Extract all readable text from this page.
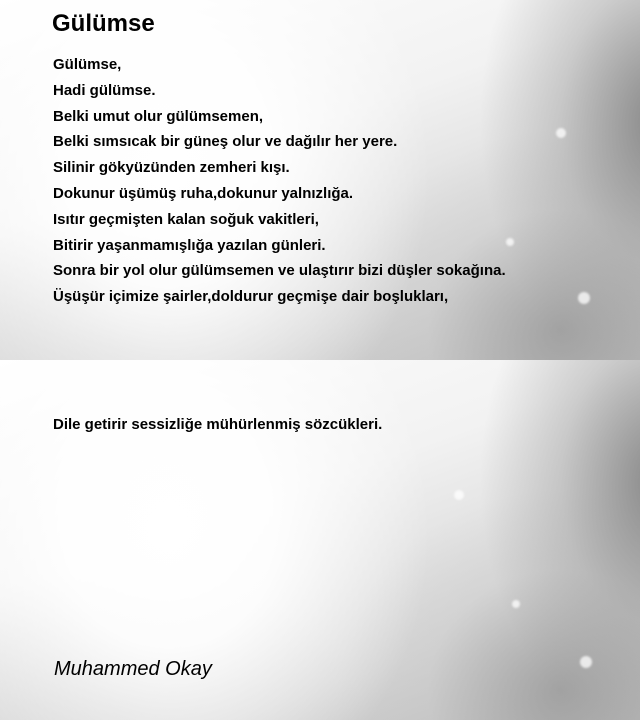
Gülümse
Gülümse,
Hadi gülümse.
Belki umut olur gülümsemen,
Belki sımsıcak bir güneş olur ve dağılır her yere.
Silinir gökyüzünden zemheri kışı.
Dokunur üşümüş ruha,dokunur yalnızlığa.
Isıtır geçmişten kalan soğuk vakitleri,
Bitirir yaşanmamışlığa yazılan günleri.
Sonra bir yol olur gülümsemen ve ulaştırır bizi düşler sokağına.
Üşüşür içimize şairler,doldurur geçmişe dair boşlukları,
Dile getirir sessizliğe mühürlenmiş sözcükleri.
Muhammed Okay
